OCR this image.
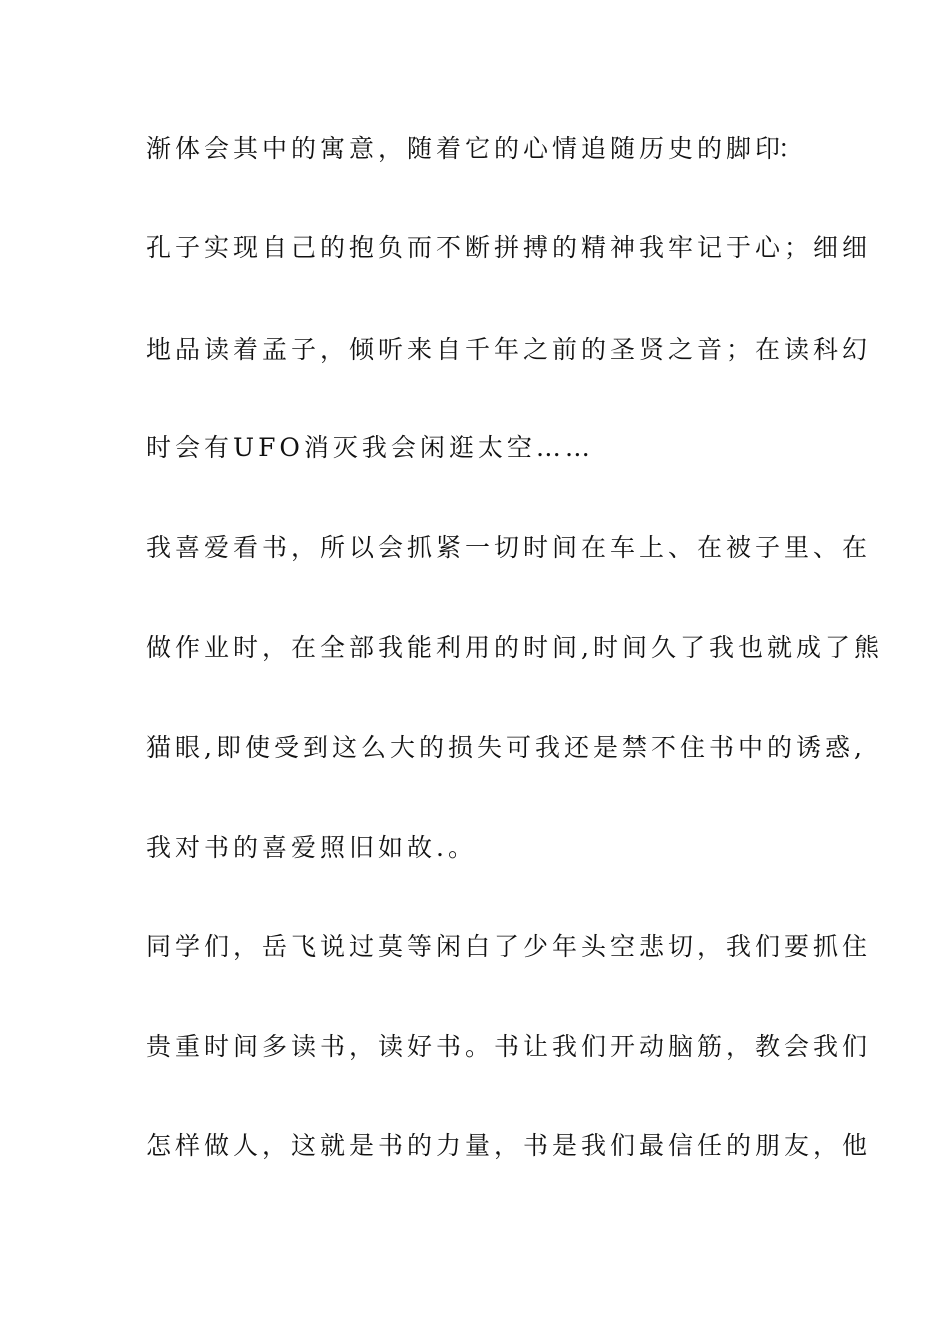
渐体会其中的寓意，随着它的心情追随历史的脚印
：
孔子实现自己的抱负而不断拼搏的精神我牢记于心；细细
地品读着孟子，倾听来自千年之前的圣贤之音；在读科幻
时会有UFO消灭我会闲逛太空……
我喜爱看书，所以会抓紧一切时间在车上、在被子里、在
做作业时，在全部我能利用的时间,时间久了我也就成了熊
猫眼,即使受到这么大的损失可我还是禁不住书中的诱惑,
我对书的喜爱照旧如故.。
同学们，岳飞说过莫等闲白了少年头空悲切，我们要抓住
贵重时间多读书，读好书。书让我们开动脑筋，教会我们
怎样做人，这就是书的力量，书是我们最信任的朋友，他
